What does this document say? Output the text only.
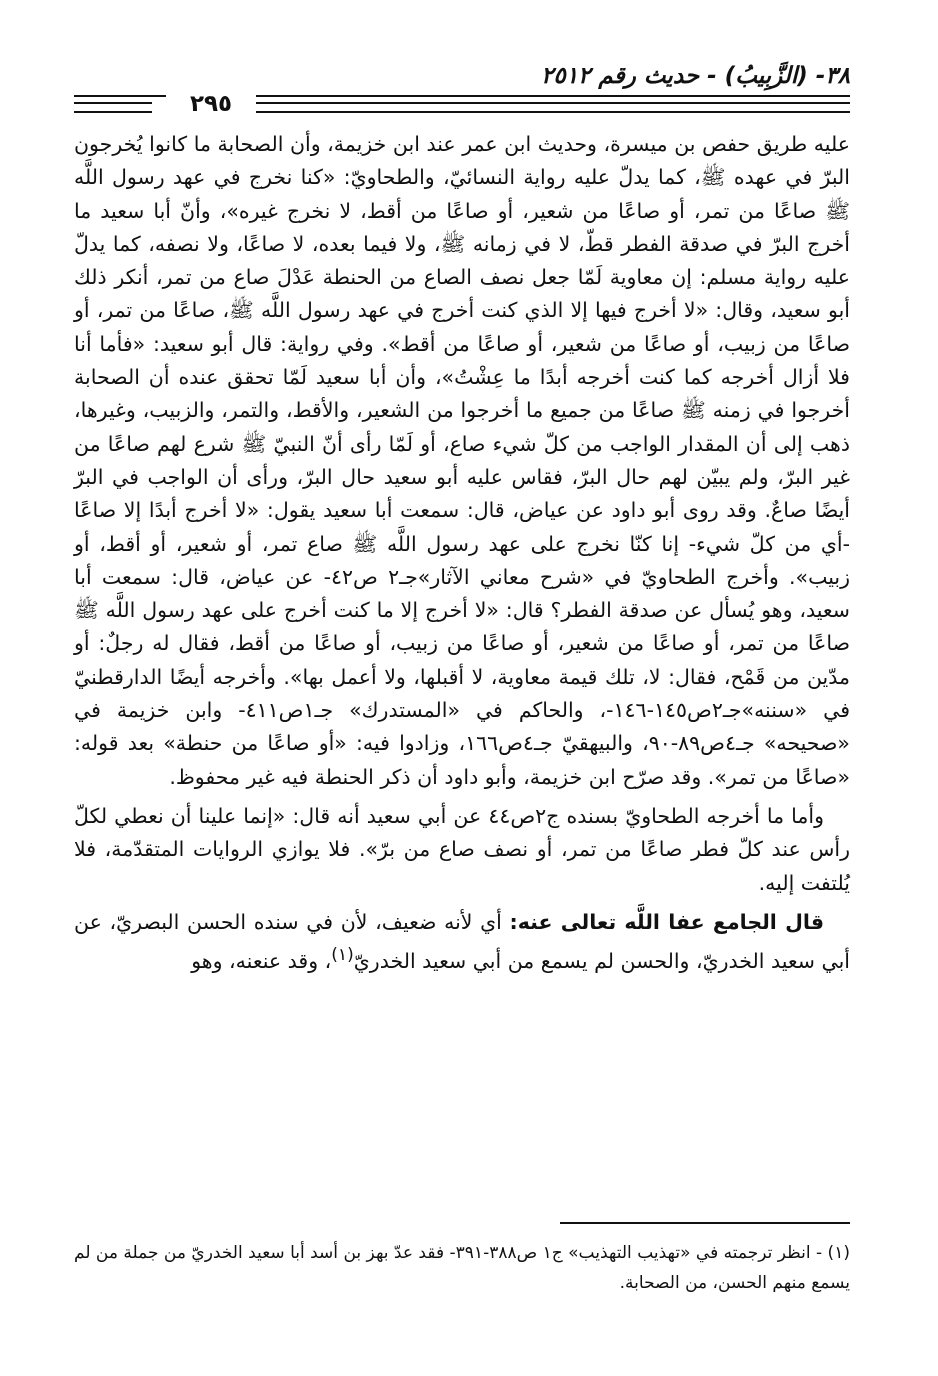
٣٨- (الزَّبِيبُ) - حديث رقم ٢٥١٢
٢٩٥

عليه طريق حفص بن ميسرة، وحديث ابن عمر عند ابن خزيمة، وأن الصحابة ما كانوا يُخرجون البرّ في عهده ﷺ، كما يدلّ عليه رواية النسائيّ، والطحاويّ: «كنا نخرج في عهد رسول اللَّه ﷺ صاعًا من تمر، أو صاعًا من شعير، أو صاعًا من أقط، لا نخرج غيره»، وأنّ أبا سعيد ما أخرج البرّ في صدقة الفطر قطّ، لا في زمانه ﷺ، ولا فيما بعده، لا صاعًا، ولا نصفه، كما يدلّ عليه رواية مسلم: إن معاوية لَمّا جعل نصف الصاع من الحنطة عَدْلَ صاع من تمر، أنكر ذلك أبو سعيد، وقال: «لا أخرج فيها إلا الذي كنت أخرج في عهد رسول اللَّه ﷺ، صاعًا من تمر، أو صاعًا من زبيب، أو صاعًا من شعير، أو صاعًا من أقط». وفي رواية: قال أبو سعيد: «فأما أنا فلا أزال أخرجه كما كنت أخرجه أبدًا ما عِشْتُ»، وأن أبا سعيد لَمّا تحقق عنده أن الصحابة أخرجوا في زمنه ﷺ صاعًا من جميع ما أخرجوا من الشعير، والأقط، والتمر، والزبيب، وغيرها، ذهب إلى أن المقدار الواجب من كلّ شيء صاع، أو لَمّا رأى أنّ النبيّ ﷺ شرع لهم صاعًا من غير البرّ، ولم يبيّن لهم حال البرّ، فقاس عليه أبو سعيد حال البرّ، ورأى أن الواجب في البرّ أيضًا صاعٌ. وقد روى أبو داود عن عياض، قال: سمعت أبا سعيد يقول: «لا أخرج أبدًا إلا صاعًا -أي من كلّ شيء- إنا كنّا نخرج على عهد رسول اللَّه ﷺ صاع تمر، أو شعير، أو أقط، أو زبيب». وأخرج الطحاويّ في «شرح معاني الآثار»جـ٢ ص٤٢- عن عياض، قال: سمعت أبا سعيد، وهو يُسأل عن صدقة الفطر؟ قال: «لا أخرج إلا ما كنت أخرج على عهد رسول اللَّه ﷺ صاعًا من تمر، أو صاعًا من شعير، أو صاعًا من زبيب، أو صاعًا من أقط، فقال له رجلٌ: أو مدّين من قَمْح، فقال: لا، تلك قيمة معاوية، لا أقبلها، ولا أعمل بها». وأخرجه أيضًا الدارقطنيّ في «سننه»جـ٢ص١٤٥-١٤٦-، والحاكم في «المستدرك» جـ١ص٤١١- وابن خزيمة في «صحيحه» جـ٤ص٨٩-٩٠، والبيهقيّ جـ٤ص١٦٦، وزادوا فيه: «أو صاعًا من حنطة» بعد قوله: «صاعًا من تمر». وقد صرّح ابن خزيمة، وأبو داود أن ذكر الحنطة فيه غير محفوظ.

وأما ما أخرجه الطحاويّ بسنده ج٢ص٤٤ عن أبي سعيد أنه قال: «إنما علينا أن نعطي لكلّ رأس عند كلّ فطر صاعًا من تمر، أو نصف صاع من برّ». فلا يوازي الروايات المتقدّمة، فلا يُلتفت إليه.

قال الجامع عفا اللَّه تعالى عنه: أي لأنه ضعيف، لأن في سنده الحسن البصريّ، عن أبي سعيد الخدريّ، والحسن لم يسمع من أبي سعيد الخدريّ$^{(١)}$، وقد عنعنه، وهو

(١) - انظر ترجمته في «تهذيب التهذيب» ج١ ص٣٨٨-٣٩١- فقد عدّ بهز بن أسد أبا سعيد الخدريّ من جملة من لم يسمع منهم الحسن، من الصحابة.
